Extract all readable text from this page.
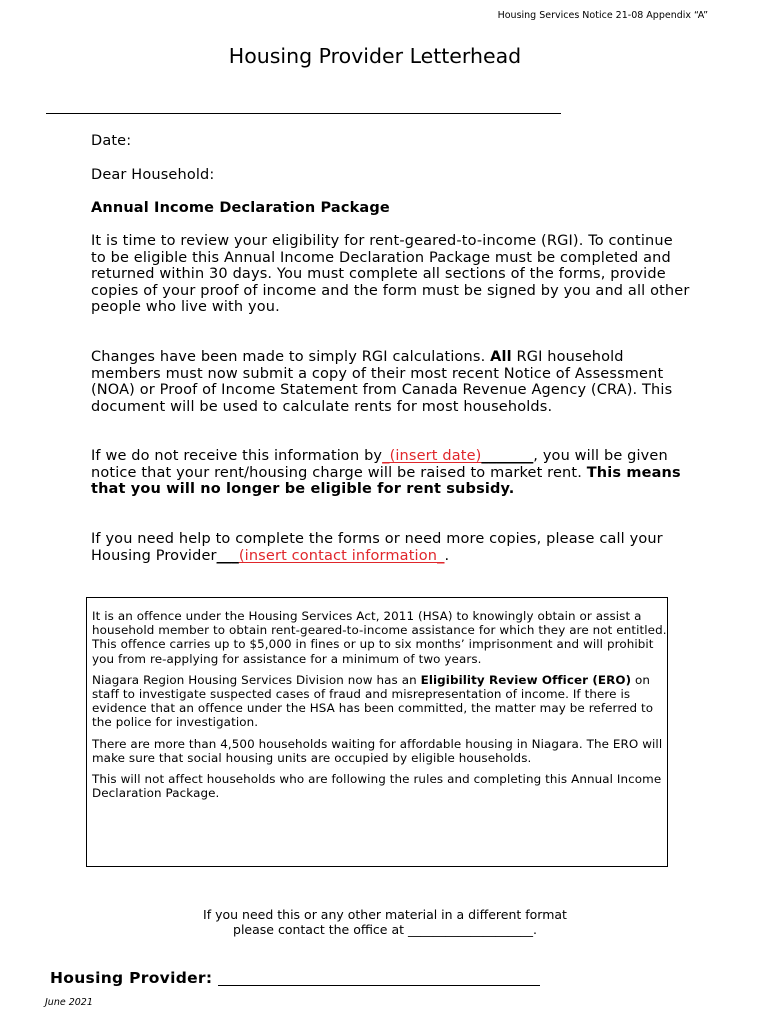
Housing Services Notice 21-08 Appendix “A”
Housing Provider Letterhead
Date:
Dear Household:
Annual Income Declaration Package
It is time to review your eligibility for rent-geared-to-income (RGI). To continue to be eligible this Annual Income Declaration Package must be completed and returned within 30 days. You must complete all sections of the forms, provide copies of your proof of income and the form must be signed by you and all other people who live with you.
Changes have been made to simply RGI calculations. All RGI household members must now submit a copy of their most recent Notice of Assessment (NOA) or Proof of Income Statement from Canada Revenue Agency (CRA). This document will be used to calculate rents for most households.
If we do not receive this information by_(insert date)_______, you will be given notice that your rent/housing charge will be raised to market rent. This means that you will no longer be eligible for rent subsidy.
If you need help to complete the forms or need more copies, please call your Housing Provider___(insert contact information_.

It is an offence under the Housing Services Act, 2011 (HSA) to knowingly obtain or assist a household member to obtain rent-geared-to-income assistance for which they are not entitled. This offence carries up to $5,000 in fines or up to six months’ imprisonment and will prohibit you from re-applying for assistance for a minimum of two years.

Niagara Region Housing Services Division now has an Eligibility Review Officer (ERO) on staff to investigate suspected cases of fraud and misrepresentation of income. If there is evidence that an offence under the HSA has been committed, the matter may be referred to the police for investigation.

There are more than 4,500 households waiting for affordable housing in Niagara. The ERO will make sure that social housing units are occupied by eligible households.

This will not affect households who are following the rules and completing this Annual Income Declaration Package.

If you need this or any other material in a different format
please contact the office at ____________________.
Housing Provider:
June 2021
